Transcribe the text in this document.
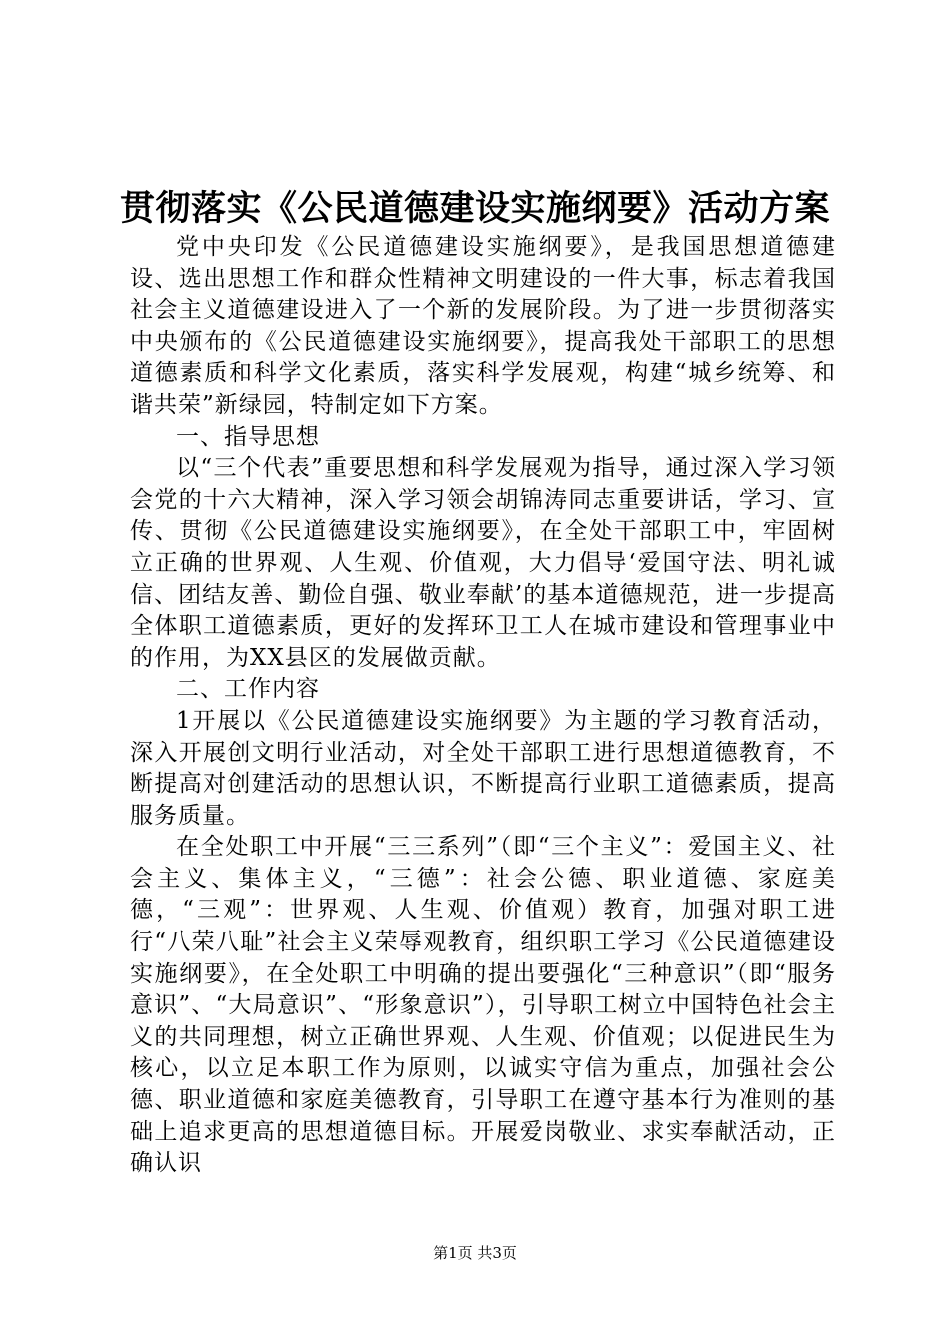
贯彻落实《公民道德建设实施纲要》活动方案

党中央印发《公民道德建设实施纲要》，是我国思想道德建设、选出思想工作和群众性精神文明建设的一件大事，标志着我国社会主义道德建设进入了一个新的发展阶段。为了进一步贯彻落实中央颁布的《公民道德建设实施纲要》，提高我处干部职工的思想道德素质和科学文化素质，落实科学发展观，构建“城乡统筹、和谐共荣”新绿园，特制定如下方案。

一、指导思想

以“三个代表”重要思想和科学发展观为指导，通过深入学习领会党的十六大精神，深入学习领会胡锦涛同志重要讲话，学习、宣传、贯彻《公民道德建设实施纲要》，在全处干部职工中，牢固树立正确的世界观、人生观、价值观，大力倡导‘爱国守法、明礼诚信、团结友善、勤俭自强、敬业奉献’的基本道德规范，进一步提高全体职工道德素质，更好的发挥环卫工人在城市建设和管理事业中的作用，为XX县区的发展做贡献。

二、工作内容

1开展以《公民道德建设实施纲要》为主题的学习教育活动，深入开展创文明行业活动，对全处干部职工进行思想道德教育，不断提高对创建活动的思想认识，不断提高行业职工道德素质，提高服务质量。

在全处职工中开展“三三系列”（即“三个主义”：爱国主义、社会主义、集体主义，“三德”：社会公德、职业道德、家庭美德，“三观”：世界观、人生观、价值观）教育，加强对职工进行“八荣八耻”社会主义荣辱观教育，组织职工学习《公民道德建设实施纲要》，在全处职工中明确的提出要强化“三种意识”（即“服务意识”、“大局意识”、“形象意识”），引导职工树立中国特色社会主义的共同理想，树立正确世界观、人生观、价值观；以促进民生为核心，以立足本职工作为原则，以诚实守信为重点，加强社会公德、职业道德和家庭美德教育，引导职工在遵守基本行为准则的基础上追求更高的思想道德目标。开展爱岗敬业、求实奉献活动，正确认识

第1页 共3页
